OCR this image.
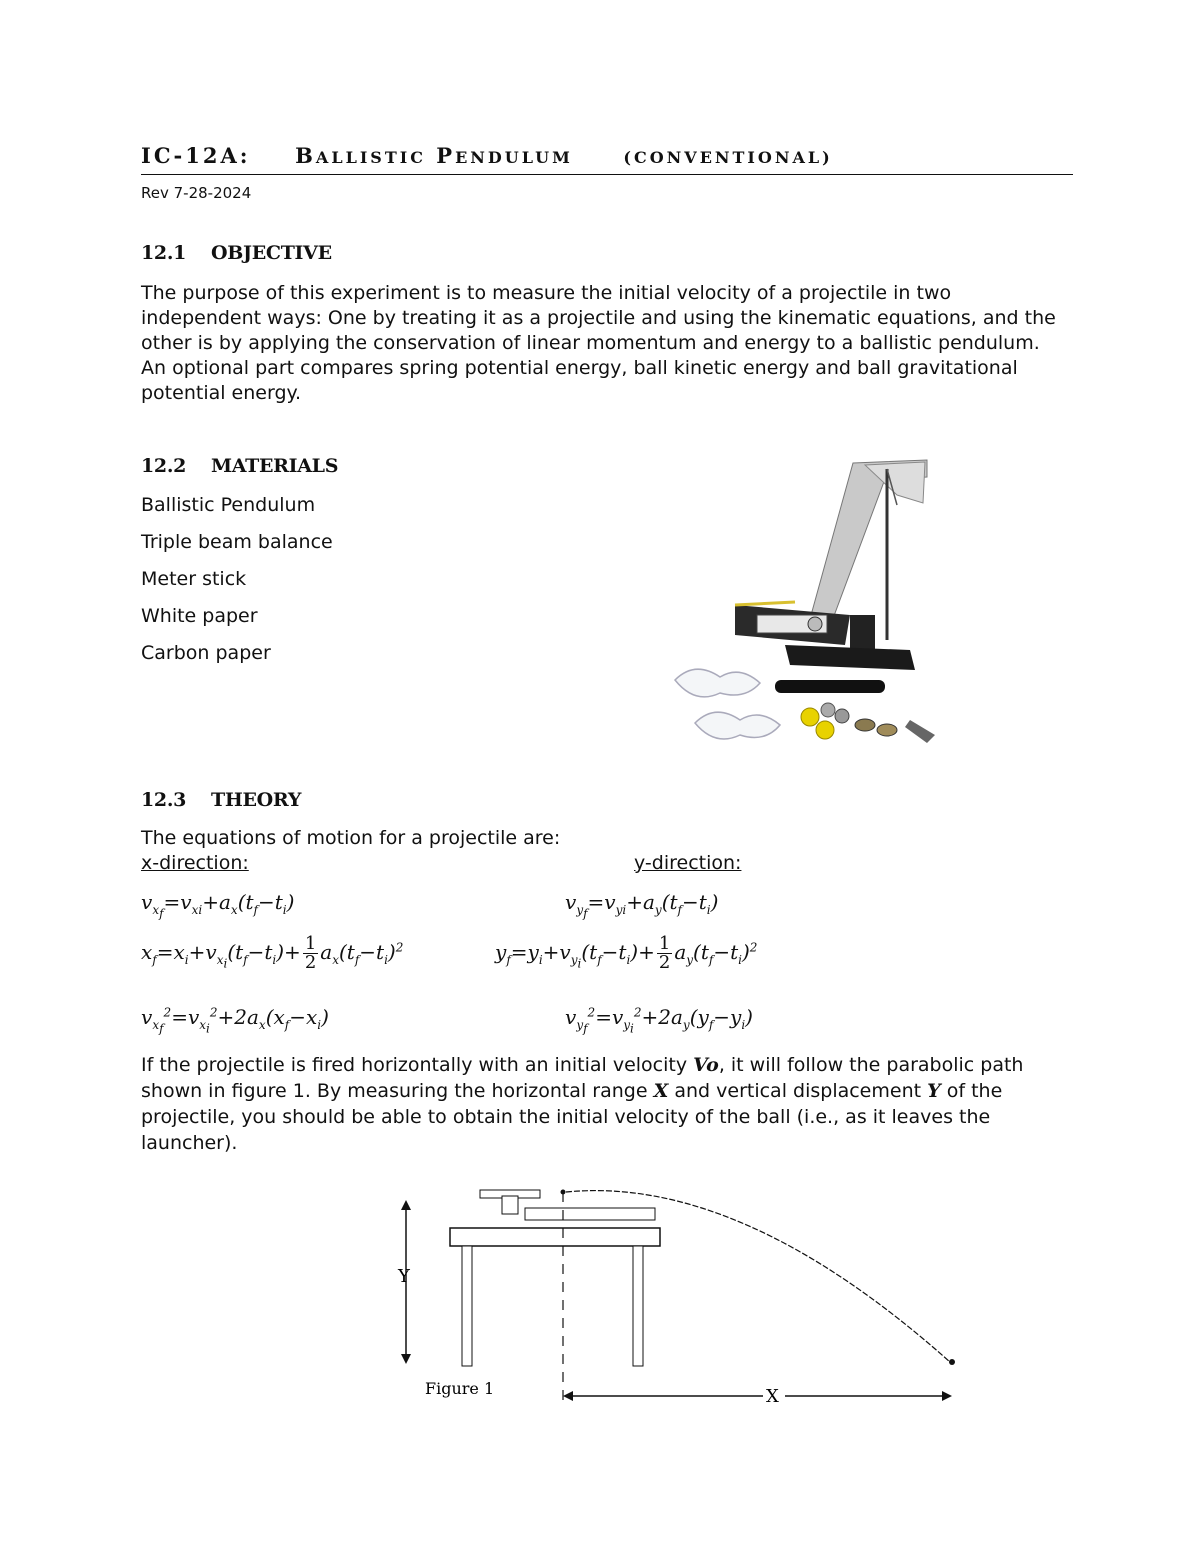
IC-12A: BALLISTIC PENDULUM	(CONVENTIONAL)
Rev 7-28-2024
12.1 OBJECTIVE
The purpose of this experiment is to measure the initial velocity of a projectile in two independent ways: One by treating it as a projectile and using the kinematic equations, and the other is by applying the conservation of linear momentum and energy to a ballistic pendulum. An optional part compares spring potential energy, ball kinetic energy and ball gravitational potential energy.
12.2 MATERIALS
Ballistic Pendulum
Triple beam balance
Meter stick
White paper
Carbon paper
12.3 THEORY
The equations of motion for a projectile are:
x-direction:	y-direction:
$v_{x_f}=v_{xi}+a_x(t_f-t_i)$	$v_{y_f}=v_{yi}+a_y(t_f-t_i)$
$x_f=x_i+v_{x_i}(t_f-t_i)+ \frac{1}{2} a_x(t_f-t_i)^2$	$y_f=y_i+v_{y_i}(t_f-t_i)+ \frac{1}{2} a_y(t_f-t_i)^2$
$v_{x_f}^2=v_{x_i}^2+2a_x(x_f-x_i)$	$v_{y_f}^2=v_{y_i}^2+2a_y(y_f-y_i)$
If the projectile is fired horizontally with an initial velocity Vo, it will follow the parabolic path shown in figure 1. By measuring the horizontal range X and vertical displacement Y of the projectile, you should be able to obtain the initial velocity of the ball (i.e., as it leaves the launcher).
Y
X
Figure 1
